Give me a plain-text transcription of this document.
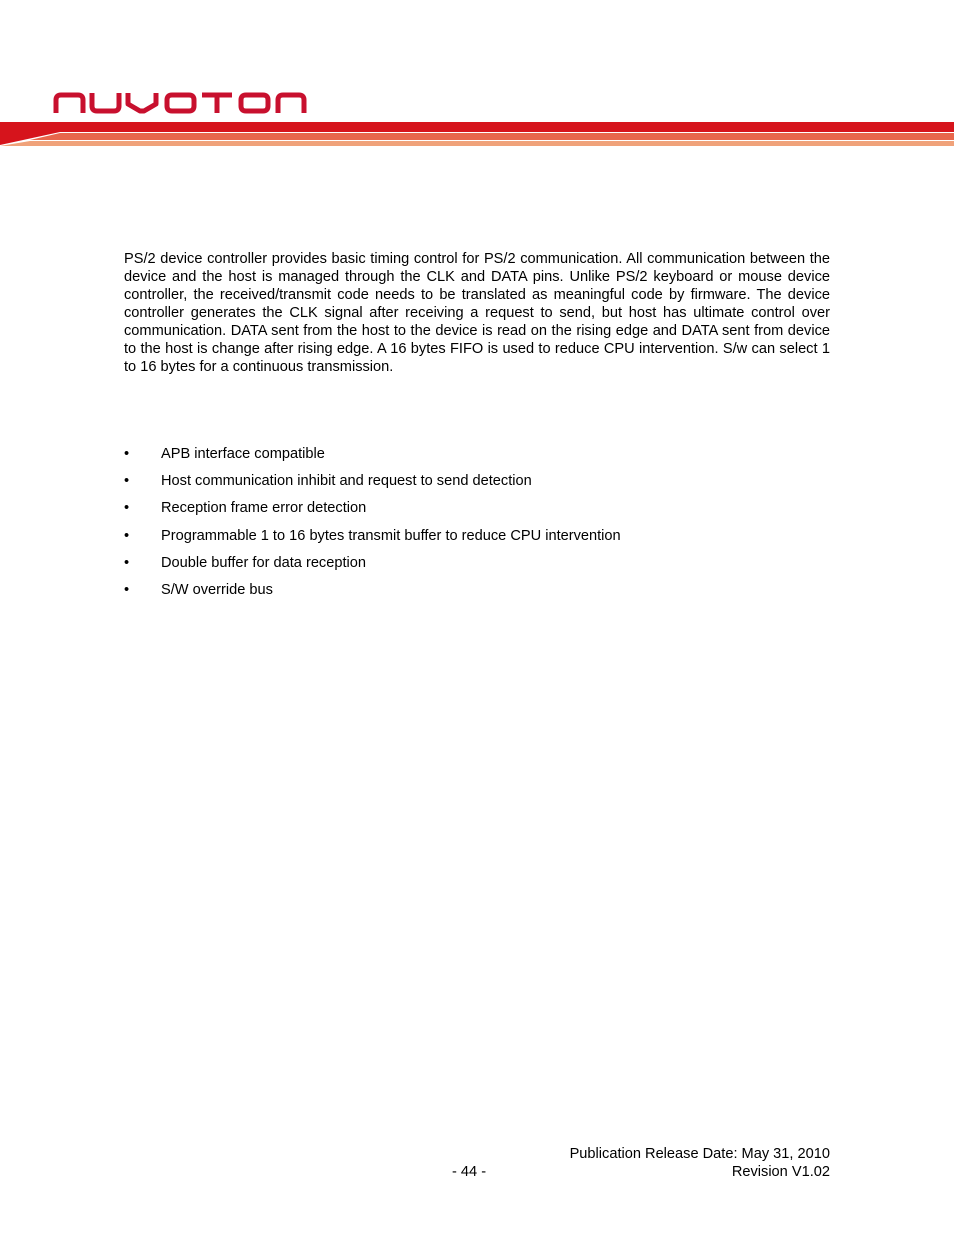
PS/2 device controller provides basic timing control for PS/2 communication. All communication between the device and the host is managed through the CLK and DATA pins. Unlike PS/2 keyboard or mouse device controller, the received/transmit code needs to be translated as meaningful code by firmware. The device controller generates the CLK signal after receiving a request to send, but host has ultimate control over communication. DATA sent from the host to the device is read on the rising edge and DATA sent from device to the host is change after rising edge. A 16 bytes FIFO is used to reduce CPU intervention. S/w can select 1 to 16 bytes for a continuous transmission.

•	APB interface compatible
•	Host communication inhibit and request to send detection
•	Reception frame error detection
•	Programmable 1 to 16 bytes transmit buffer to reduce CPU intervention
•	Double buffer for data reception
•	S/W override bus
Publication Release Date: May 31, 2010
- 44 -	Revision V1.02
